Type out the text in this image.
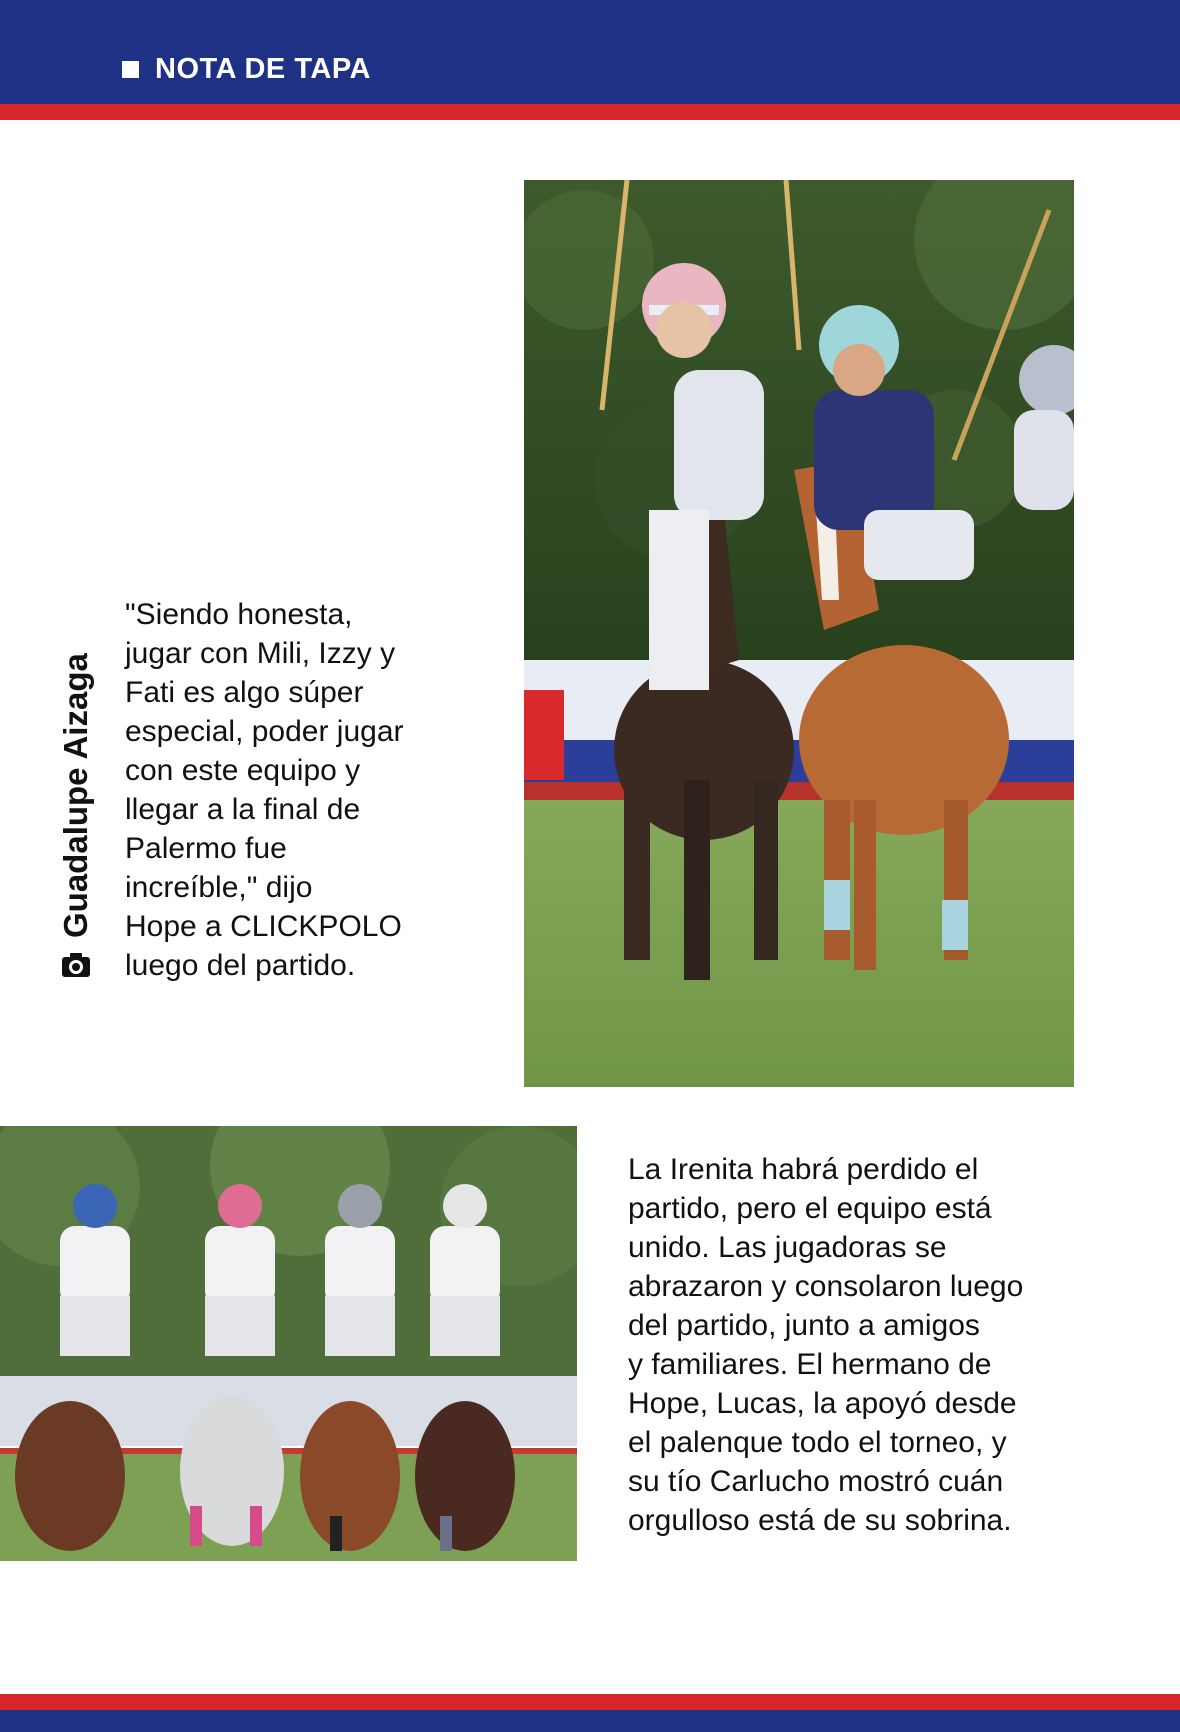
NOTA DE TAPA
Guadalupe Aizaga
"Siendo honesta,
jugar con Mili, Izzy y
Fati es algo súper
especial, poder jugar
con este equipo y
llegar a la final de
Palermo fue
increíble," dijo
Hope a CLICKPOLO
luego del partido.
La Irenita habrá perdido el
partido, pero el equipo está
unido. Las jugadoras se
abrazaron y consolaron luego
del partido, junto a amigos
y familiares. El hermano de
Hope, Lucas, la apoyó desde
el palenque todo el torneo, y
su tío Carlucho mostró cuán
orgulloso está de su sobrina.
